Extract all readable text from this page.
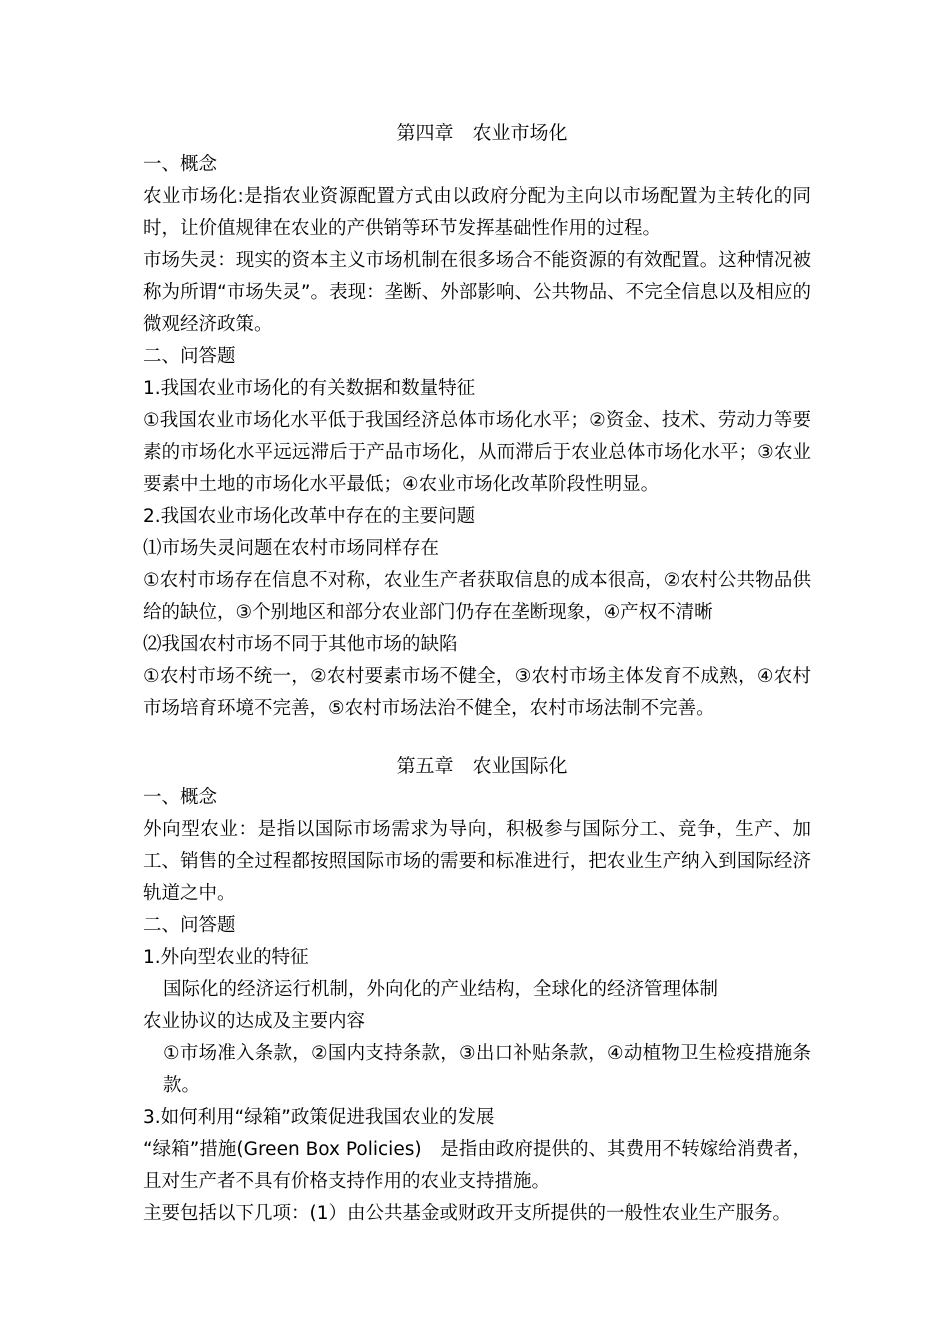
第四章　农业市场化
一、概念
农业市场化:是指农业资源配置方式由以政府分配为主向以市场配置为主转化的同时，让价值规律在农业的产供销等环节发挥基础性作用的过程。
市场失灵：现实的资本主义市场机制在很多场合不能资源的有效配置。这种情况被称为所谓“市场失灵”。表现：垄断、外部影响、公共物品、不完全信息以及相应的微观经济政策。
二、问答题
1.我国农业市场化的有关数据和数量特征
①我国农业市场化水平低于我国经济总体市场化水平；②资金、技术、劳动力等要素的市场化水平远远滞后于产品市场化，从而滞后于农业总体市场化水平；③农业要素中土地的市场化水平最低；④农业市场化改革阶段性明显。
2.我国农业市场化改革中存在的主要问题
⑴市场失灵问题在农村市场同样存在
①农村市场存在信息不对称，农业生产者获取信息的成本很高，②农村公共物品供给的缺位，③个别地区和部分农业部门仍存在垄断现象，④产权不清晰
⑵我国农村市场不同于其他市场的缺陷
①农村市场不统一，②农村要素市场不健全，③农村市场主体发育不成熟，④农村市场培育环境不完善，⑤农村市场法治不健全，农村市场法制不完善。
第五章　农业国际化
一、概念
外向型农业：是指以国际市场需求为导向，积极参与国际分工、竞争，生产、加工、销售的全过程都按照国际市场的需要和标准进行，把农业生产纳入到国际经济轨道之中。
二、问答题
1.外向型农业的特征
国际化的经济运行机制，外向化的产业结构，全球化的经济管理体制
农业协议的达成及主要内容
①市场准入条款，②国内支持条款，③出口补贴条款，④动植物卫生检疫措施条款。
3.如何利用“绿箱”政策促进我国农业的发展
“绿箱”措施(Green Box Policies)　是指由政府提供的、其费用不转嫁给消费者，且对生产者不具有价格支持作用的农业支持措施。
主要包括以下几项：(1）由公共基金或财政开支所提供的一般性农业生产服务。
